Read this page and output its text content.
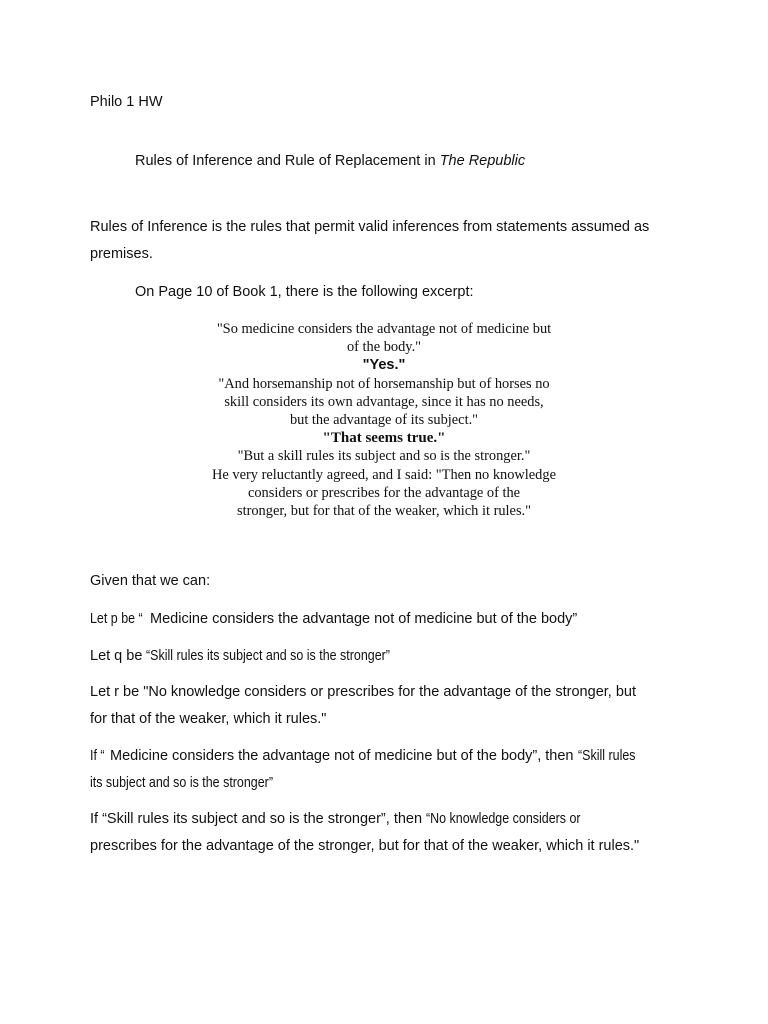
Philo 1 HW

Rules of Inference and Rule of Replacement in The Republic

Rules of Inference is the rules that permit valid inferences from statements assumed as
premises.

On Page 10 of Book 1, there is the following excerpt:

"So medicine considers the advantage not of medicine but
of the body."
"Yes."
"And horsemanship not of horsemanship but of horses no
skill considers its own advantage, since it has no needs,
but the advantage of its subject."
"That seems true."
"But a skill rules its subject and so is the stronger."
He very reluctantly agreed, and I said: "Then no knowledge
considers or prescribes for the advantage of the
stronger, but for that of the weaker, which it rules."

Given that we can:

Let p be “ Medicine considers the advantage not of medicine but of the body”

Let q be “Skill rules its subject and so is the stronger”

Let r be "No knowledge considers or prescribes for the advantage of the stronger, but
for that of the weaker, which it rules."
If “ Medicine considers the advantage not of medicine but of the body”, then “Skill rules
its subject and so is the stronger”
If “Skill rules its subject and so is the stronger”, then “No knowledge considers or
prescribes for the advantage of the stronger, but for that of the weaker, which it rules."
